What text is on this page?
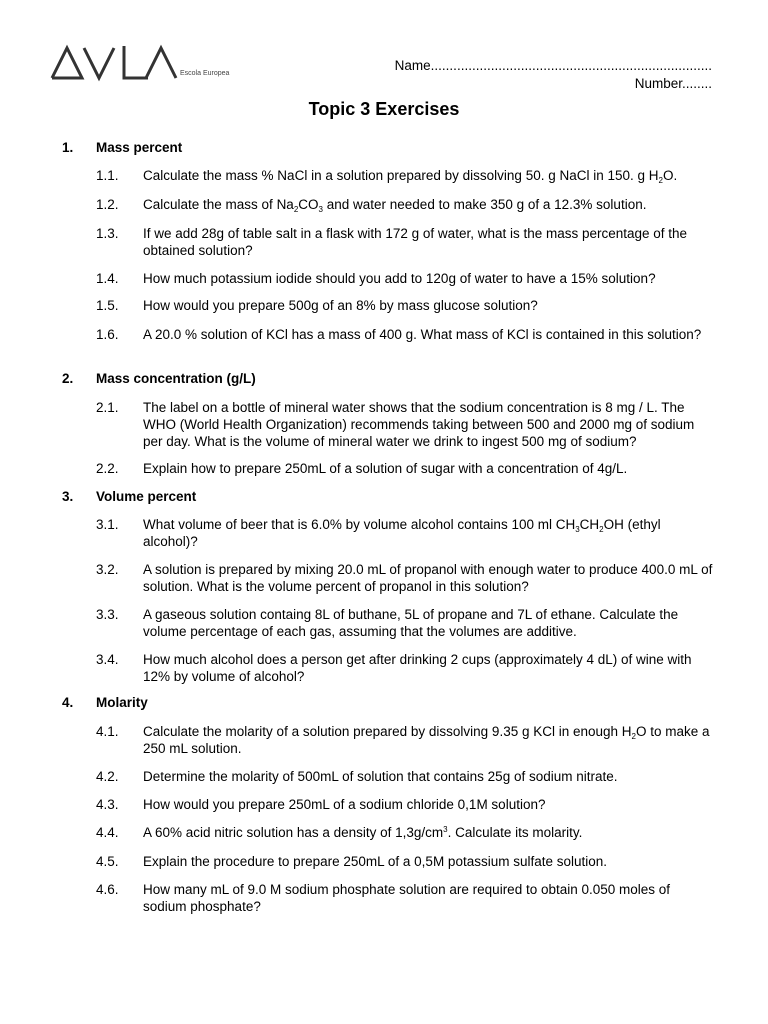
Escola Europea
Name...........................................................................
Number........
Topic 3 Exercises
1. Mass percent
1.1. Calculate the mass % NaCl in a solution prepared by dissolving 50. g NaCl in 150. g $H_2O$.
1.2. Calculate the mass of $Na_2CO_3$ and water needed to make 350 g of a 12.3% solution.
1.3. If we add 28g of table salt in a flask with 172 g of water, what is the mass percentage of the obtained solution?
1.4. How much potassium iodide should you add to 120g of water to have a 15% solution?
1.5. How would you prepare 500g of an 8% by mass glucose solution?
1.6. A 20.0 % solution of KCl has a mass of 400 g. What mass of KCl is contained in this solution?
2. Mass concentration (g/L)
2.1. The label on a bottle of mineral water shows that the sodium concentration is 8 mg / L. The WHO (World Health Organization) recommends taking between 500 and 2000 mg of sodium per day. What is the volume of mineral water we drink to ingest 500 mg of sodium?
2.2. Explain how to prepare 250mL of a solution of sugar with a concentration of 4g/L.
3. Volume percent
3.1. What volume of beer that is 6.0% by volume alcohol contains 100 ml $CH_3CH_2OH$ (ethyl alcohol)?
3.2. A solution is prepared by mixing 20.0 mL of propanol with enough water to produce 400.0 mL of solution. What is the volume percent of propanol in this solution?
3.3. A gaseous solution containg 8L of buthane, 5L of propane and 7L of ethane. Calculate the volume percentage of each gas, assuming that the volumes are additive.
3.4. How much alcohol does a person get after drinking 2 cups (approximately 4 dL) of wine with 12% by volume of alcohol?
4. Molarity
4.1. Calculate the molarity of a solution prepared by dissolving 9.35 g KCl in enough $H_2O$ to make a 250 mL solution.
4.2. Determine the molarity of 500mL of solution that contains 25g of sodium nitrate.
4.3. How would you prepare 250mL of a sodium chloride 0,1M solution?
4.4. A 60% acid nitric solution has a density of $1,3g/cm^3$. Calculate its molarity.
4.5. Explain the procedure to prepare 250mL of a 0,5M potassium sulfate solution.
4.6. How many mL of 9.0 M sodium phosphate solution are required to obtain 0.050 moles of sodium phosphate?
